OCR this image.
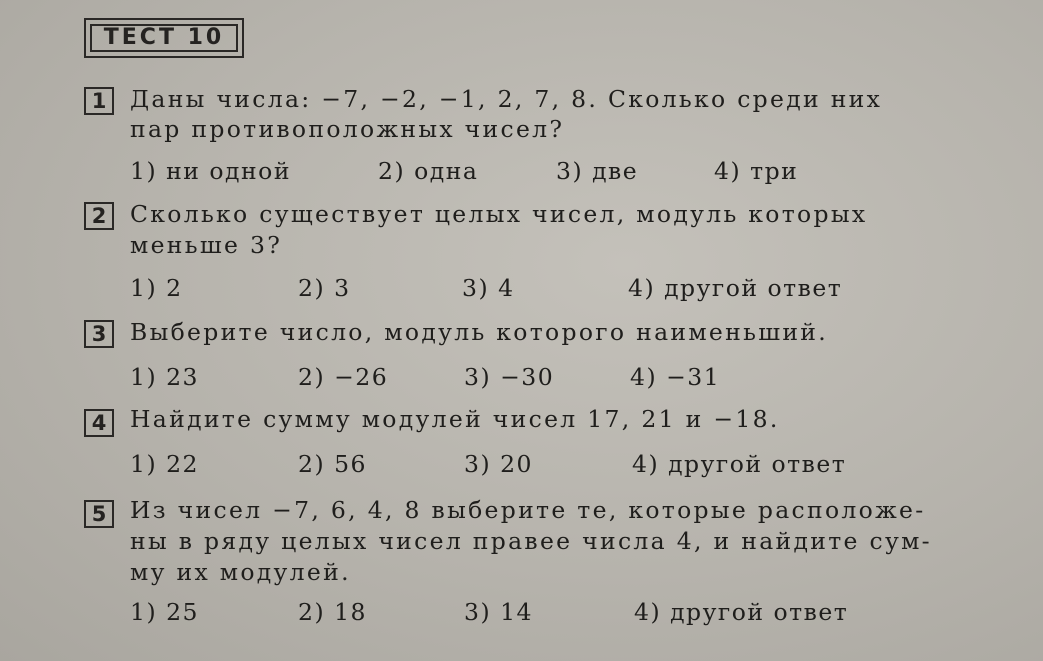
ТЕСТ 10
1	Даны числа: −7, −2, −1, 2, 7, 8. Сколько среди них
пар противоположных чисел?
1) ни одной	2) одна	3) две	4) три
2	Сколько существует целых чисел, модуль которых
меньше 3?
1) 2	2) 3	3) 4	4) другой ответ
3	Выберите число, модуль которого наименьший.
1) 23	2) −26	3) −30	4) −31
4	Найдите сумму модулей чисел 17, 21 и −18.
1) 22	2) 56	3) 20	4) другой ответ
5	Из чисел −7, 6, 4, 8 выберите те, которые расположе-
ны в ряду целых чисел правее числа 4, и найдите сум-
му их модулей.
1) 25	2) 18	3) 14	4) другой ответ
